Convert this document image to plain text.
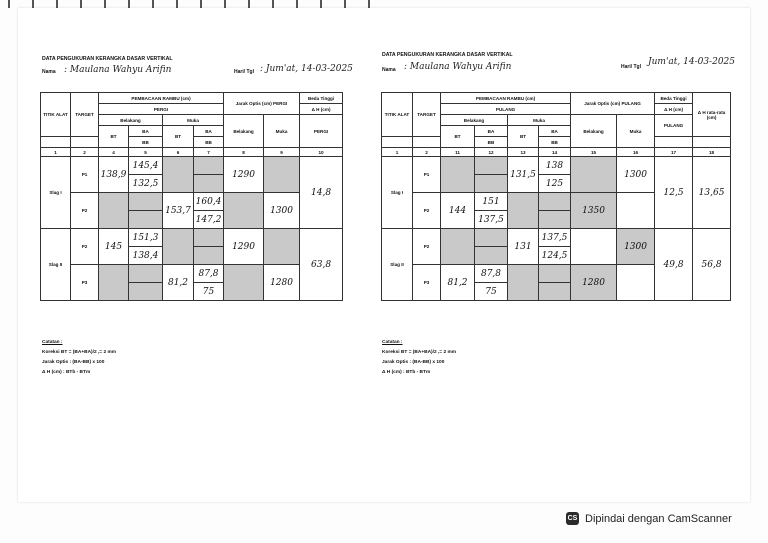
DATA PENGUKURAN KERANGKA DASAR VERTIKAL
Nama : Maulana Wahyu Arifin	Hari/ Tgl : Jum'at, 14-03-2025
TITIK ALAT	TARGET	PEMBACAAN RAMBU (cm)				Jarak Optis (cm) PERGI		Beda Tinggi
		PERGI						Δ H (cm)
		Belakang		Muka		Belakang	Muka	PERGI
		BT	BA	BT	BA			
			BB		BB			
1	2	4	5	6	7	8	9	10
Slag I	P1	138,9	145,4			1290		14,8
			132,5					
	P2			153,7	160,4		1300	
					147,2			
Slag II	P2	145	151,3			1290		63,8
			138,4					
	P3			81,2	87,8		1280	
					75			
Catatan :
Koreksi BT = (BA+BA)/2 ,= 2 mm
Jarak Optis : (BA-BB) x 100
Δ H (cm) : BTb - BTm
DATA PENGUKURAN KERANGKA DASAR VERTIKAL
Nama : Maulana Wahyu Arifin	Hari/ Tgl Jum'at, 14-03-2025
TITIK ALAT	TARGET	PEMBACAAN RAMBU (cm)				Jarak Optis (cm) PULANG		Beda Tinggi	Δ H rata-rata (cm)
		PULANG						Δ H (cm)	
		Belakang		Muka		Belakang	Muka	PULANG	
		BT	BA	BT	BA				
			BB		BB				
1	2	11	12	13	14	15	16	17	18
Slag I	P1			131,5	138		1300	12,5	13,65
					125				
	P2	144	151			1350			
			137,5						
Slag II	P2			131	137,5		1300	49,8	56,8
					124,5				
	P3	81,2	87,8			1280			
			75						
Catatan :
Koreksi BT = (BA+BA)/2 ,= 2 mm
Jarak Optis : (BA-BB) x 100
Δ H (cm) : BTb - BTm
CS Dipindai dengan CamScanner
